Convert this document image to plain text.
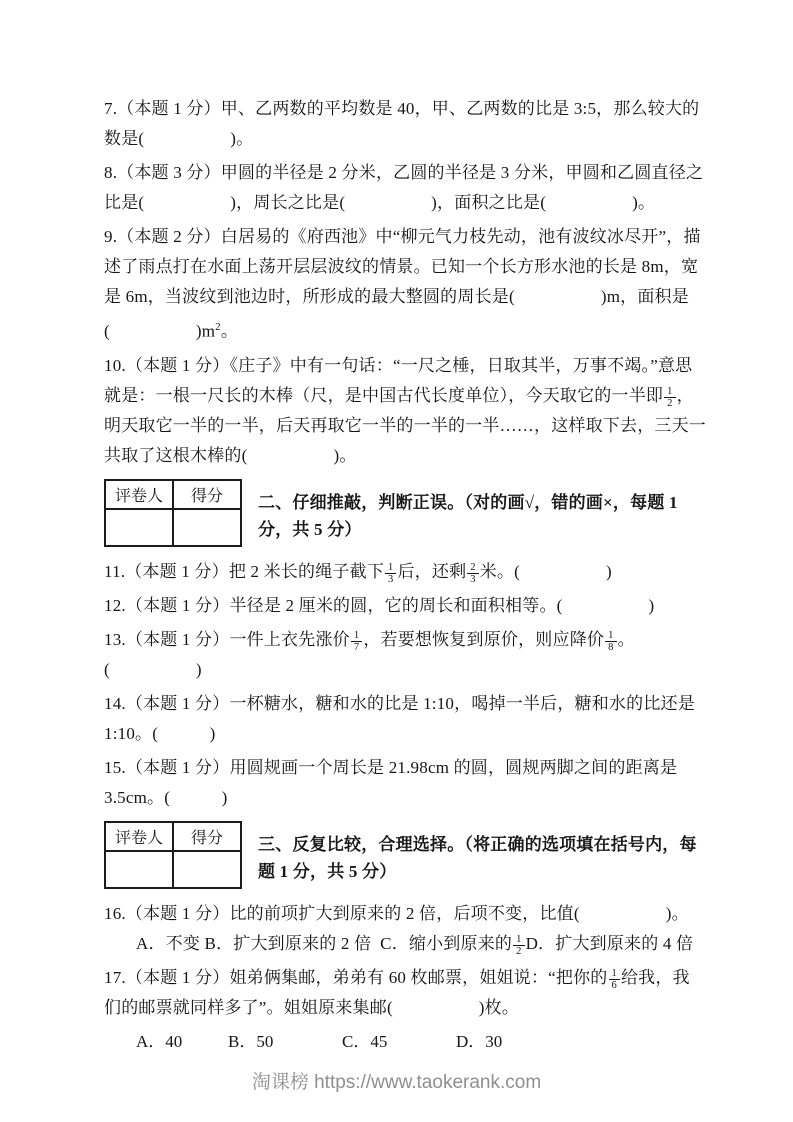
7.（本题 1 分）甲、乙两数的平均数是 40，甲、乙两数的比是 3:5，那么较大的
数是(　　　　　)。
8.（本题 3 分）甲圆的半径是 2 分米，乙圆的半径是 3 分米，甲圆和乙圆直径之
比是(　　　　　)，周长之比是(　　　　　)，面积之比是(　　　　　)。
9.（本题 2 分）白居易的《府西池》中“柳元气力枝先动，池有波纹冰尽开”，描
述了雨点打在水面上荡开层层波纹的情景。已知一个长方形水池的长是 8m，宽
是 6m，当波纹到池边时，所形成的最大整圆的周长是(　　　　　)m，面积是
(　　　　　)$m^2$。
10.（本题 1 分）《庄子》中有一句话：“一尺之棰，日取其半，万事不竭。”意思
就是：一根一尺长的木棒（尺，是中国古代长度单位），今天取它的一半即 $\frac{1}{2}$ ，
明天取它一半的一半，后天再取它一半的一半的一半……，这样取下去，三天一
共取了这根木棒的(　　　　　)。
评卷人	得分
		二、仔细推敲，判断正误。（对的画√，错的画×，每题 1 分，共 5 分）
11.（本题 1 分）把 2 米长的绳子截下 $\frac{1}{3}$ 后，还剩 $\frac{2}{3}$ 米。(　　　　　)
12.（本题 1 分）半径是 2 厘米的圆，它的周长和面积相等。(　　　　　)
13.（本题 1 分）一件上衣先涨价 $\frac{1}{7}$ ，若要想恢复到原价，则应降价 $\frac{1}{8}$ 。(　　　　　)
14.（本题 1 分）一杯糖水，糖和水的比是 1:10，喝掉一半后，糖和水的比还是
1:10。(　　　)
15.（本题 1 分）用圆规画一个周长是 21.98cm 的圆，圆规两脚之间的距离是
3.5cm。(　　　)
评卷人	得分
		三、反复比较，合理选择。（将正确的选项填在括号内，每题 1 分，共 5 分）
16.（本题 1 分）比的前项扩大到原来的 2 倍，后项不变，比值(　　　　　)。
A．不变 B．扩大到原来的 2 倍  C．缩小到原来的 $\frac{1}{2}$ D．扩大到原来的 4 倍
17.（本题 1 分）姐弟俩集邮，弟弟有 60 枚邮票，姐姐说：“把你的 $\frac{1}{6}$ 给我，我
们的邮票就同样多了”。姐姐原来集邮(　　　　　)枚。
A．40	B．50	C．45	D．30
淘课榜 https://www.taokerank.com
